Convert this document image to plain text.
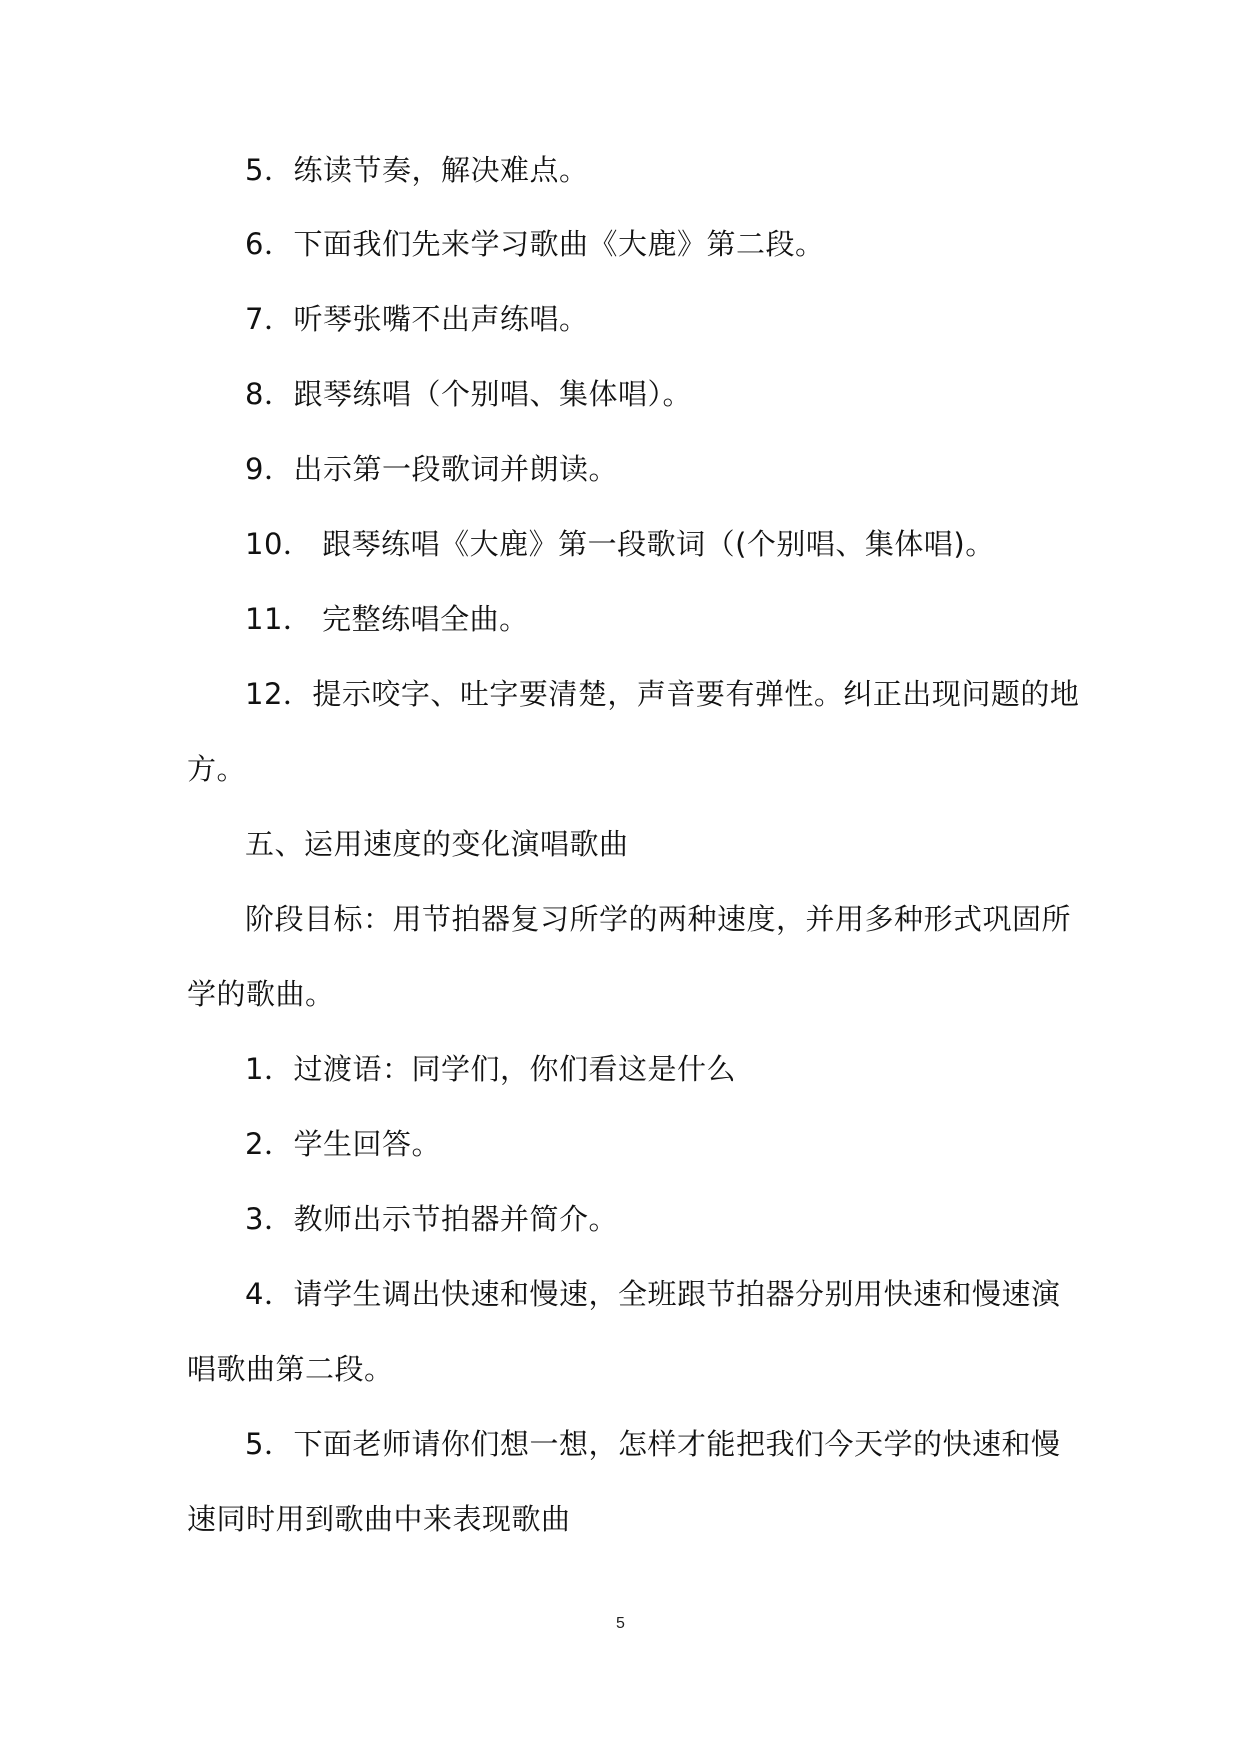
5．练读节奏，解决难点。
6．下面我们先来学习歌曲《大鹿》第二段。
7．听琴张嘴不出声练唱。
8．跟琴练唱（个别唱、集体唱）。
9．出示第一段歌词并朗读。
10． 跟琴练唱《大鹿》第一段歌词（(个别唱、集体唱)。
11． 完整练唱全曲。
12．提示咬字、吐字要清楚，声音要有弹性。纠正出现问题的地
方。
五、运用速度的变化演唱歌曲
阶段目标：用节拍器复习所学的两种速度，并用多种形式巩固所
学的歌曲。
1．过渡语：同学们，你们看这是什么
2．学生回答。
3．教师出示节拍器并简介。
4．请学生调出快速和慢速，全班跟节拍器分别用快速和慢速演
唱歌曲第二段。
5．下面老师请你们想一想，怎样才能把我们今天学的快速和慢
速同时用到歌曲中来表现歌曲
5
